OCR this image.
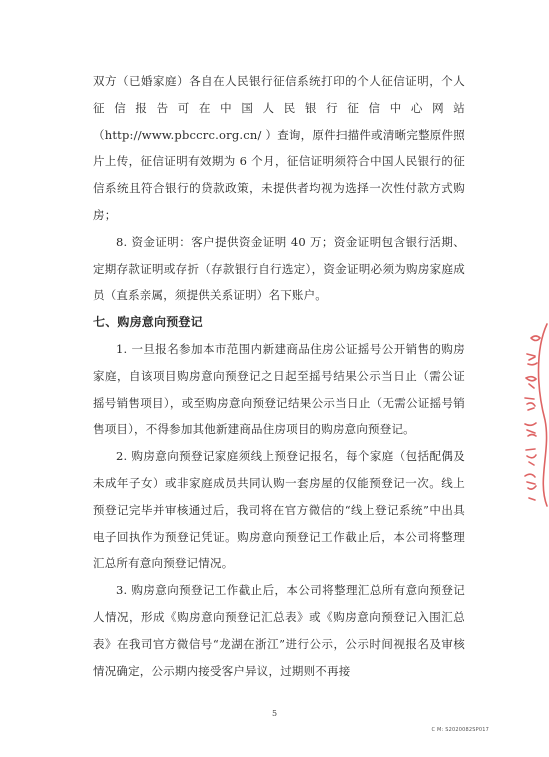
双方（已婚家庭）各自在人民银行征信系统打印的个人征信证明，个人征信报告可在中国人民银行征信中心网站（http://www.pbccrc.org.cn/ ）查询，原件扫描件或清晰完整原件照片上传，征信证明有效期为 6 个月，征信证明须符合中国人民银行的征信系统且符合银行的贷款政策，未提供者均视为选择一次性付款方式购房；

8. 资金证明：客户提供资金证明 40 万；资金证明包含银行活期、定期存款证明或存折（存款银行自行选定），资金证明必须为购房家庭成员（直系亲属，须提供关系证明）名下账户。

七、购房意向预登记

1. 一旦报名参加本市范围内新建商品住房公证摇号公开销售的购房家庭，自该项目购房意向预登记之日起至摇号结果公示当日止（需公证摇号销售项目），或至购房意向预登记结果公示当日止（无需公证摇号销售项目），不得参加其他新建商品住房项目的购房意向预登记。

2. 购房意向预登记家庭须线上预登记报名，每个家庭（包括配偶及未成年子女）或非家庭成员共同认购一套房屋的仅能预登记一次。线上预登记完毕并审核通过后，我司将在官方微信的“线上登记系统”中出具电子回执作为预登记凭证。购房意向预登记工作截止后，本公司将整理汇总所有意向预登记情况。

3. 购房意向预登记工作截止后，本公司将整理汇总所有意向预登记人情况，形成《购房意向预登记汇总表》或《购房意向预登记入围汇总表》在我司官方微信号“龙湖在浙江”进行公示，公示时间视报名及审核情况确定，公示期内接受客户异议，过期则不再接

5
C M: S2020082SP017
